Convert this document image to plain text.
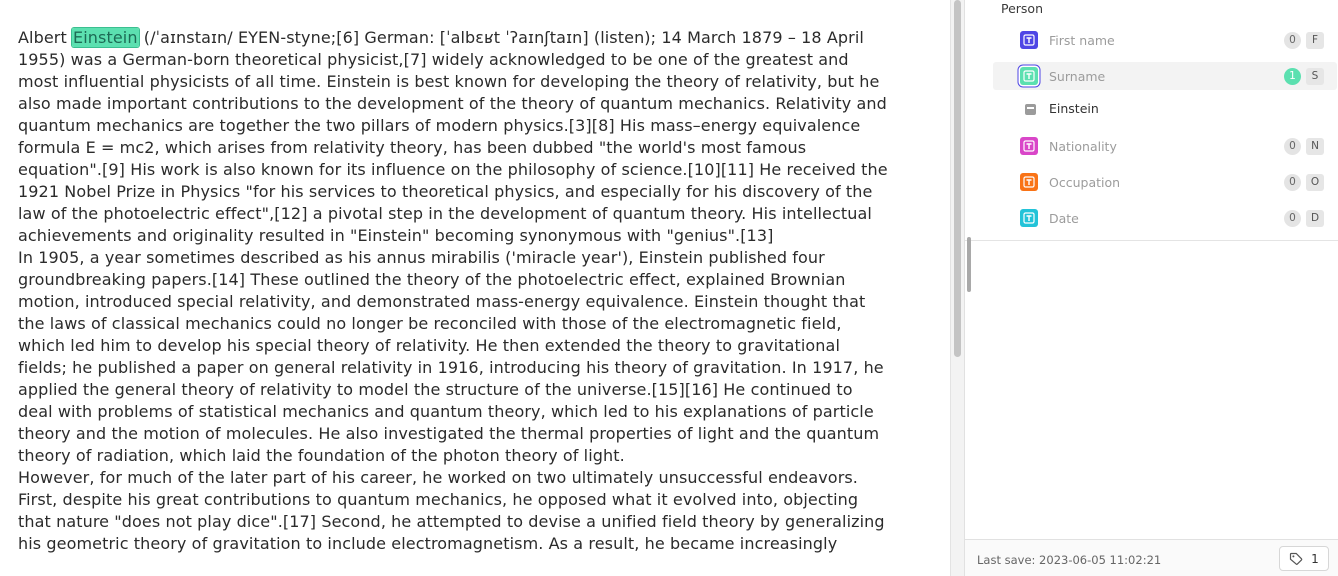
Albert Einstein (/ˈaɪnstaɪn/ EYEN-styne;[6] German: [ˈalbɛʁt ˈʔaɪnʃtaɪn] (listen); 14 March 1879 – 18 April 1955) was a German-born theoretical physicist,[7] widely acknowledged to be one of the greatest and most influential physicists of all time. Einstein is best known for developing the theory of relativity, but he also made important contributions to the development of the theory of quantum mechanics. Relativity and quantum mechanics are together the two pillars of modern physics.[3][8] His mass–energy equivalence formula E = mc2, which arises from relativity theory, has been dubbed "the world's most famous equation".[9] His work is also known for its influence on the philosophy of science.[10][11] He received the 1921 Nobel Prize in Physics "for his services to theoretical physics, and especially for his discovery of the law of the photoelectric effect",[12] a pivotal step in the development of quantum theory. His intellectual achievements and originality resulted in "Einstein" becoming synonymous with "genius".[13]

In 1905, a year sometimes described as his annus mirabilis ('miracle year'), Einstein published four groundbreaking papers.[14] These outlined the theory of the photoelectric effect, explained Brownian motion, introduced special relativity, and demonstrated mass-energy equivalence. Einstein thought that the laws of classical mechanics could no longer be reconciled with those of the electromagnetic field, which led him to develop his special theory of relativity. He then extended the theory to gravitational fields; he published a paper on general relativity in 1916, introducing his theory of gravitation. In 1917, he applied the general theory of relativity to model the structure of the universe.[15][16] He continued to deal with problems of statistical mechanics and quantum theory, which led to his explanations of particle theory and the motion of molecules. He also investigated the thermal properties of light and the quantum theory of radiation, which laid the foundation of the photon theory of light.

However, for much of the later part of his career, he worked on two ultimately unsuccessful endeavors. First, despite his great contributions to quantum mechanics, he opposed what it evolved into, objecting that nature "does not play dice".[17] Second, he attempted to devise a unified field theory by generalizing his geometric theory of gravitation to include electromagnetism. As a result, he became increasingly

Person
First name	0	F
Surname	1	S
Einstein
Nationality	0	N
Occupation	0	O
Date	0	D
Last save: 2023-06-05 11:02:21	1
